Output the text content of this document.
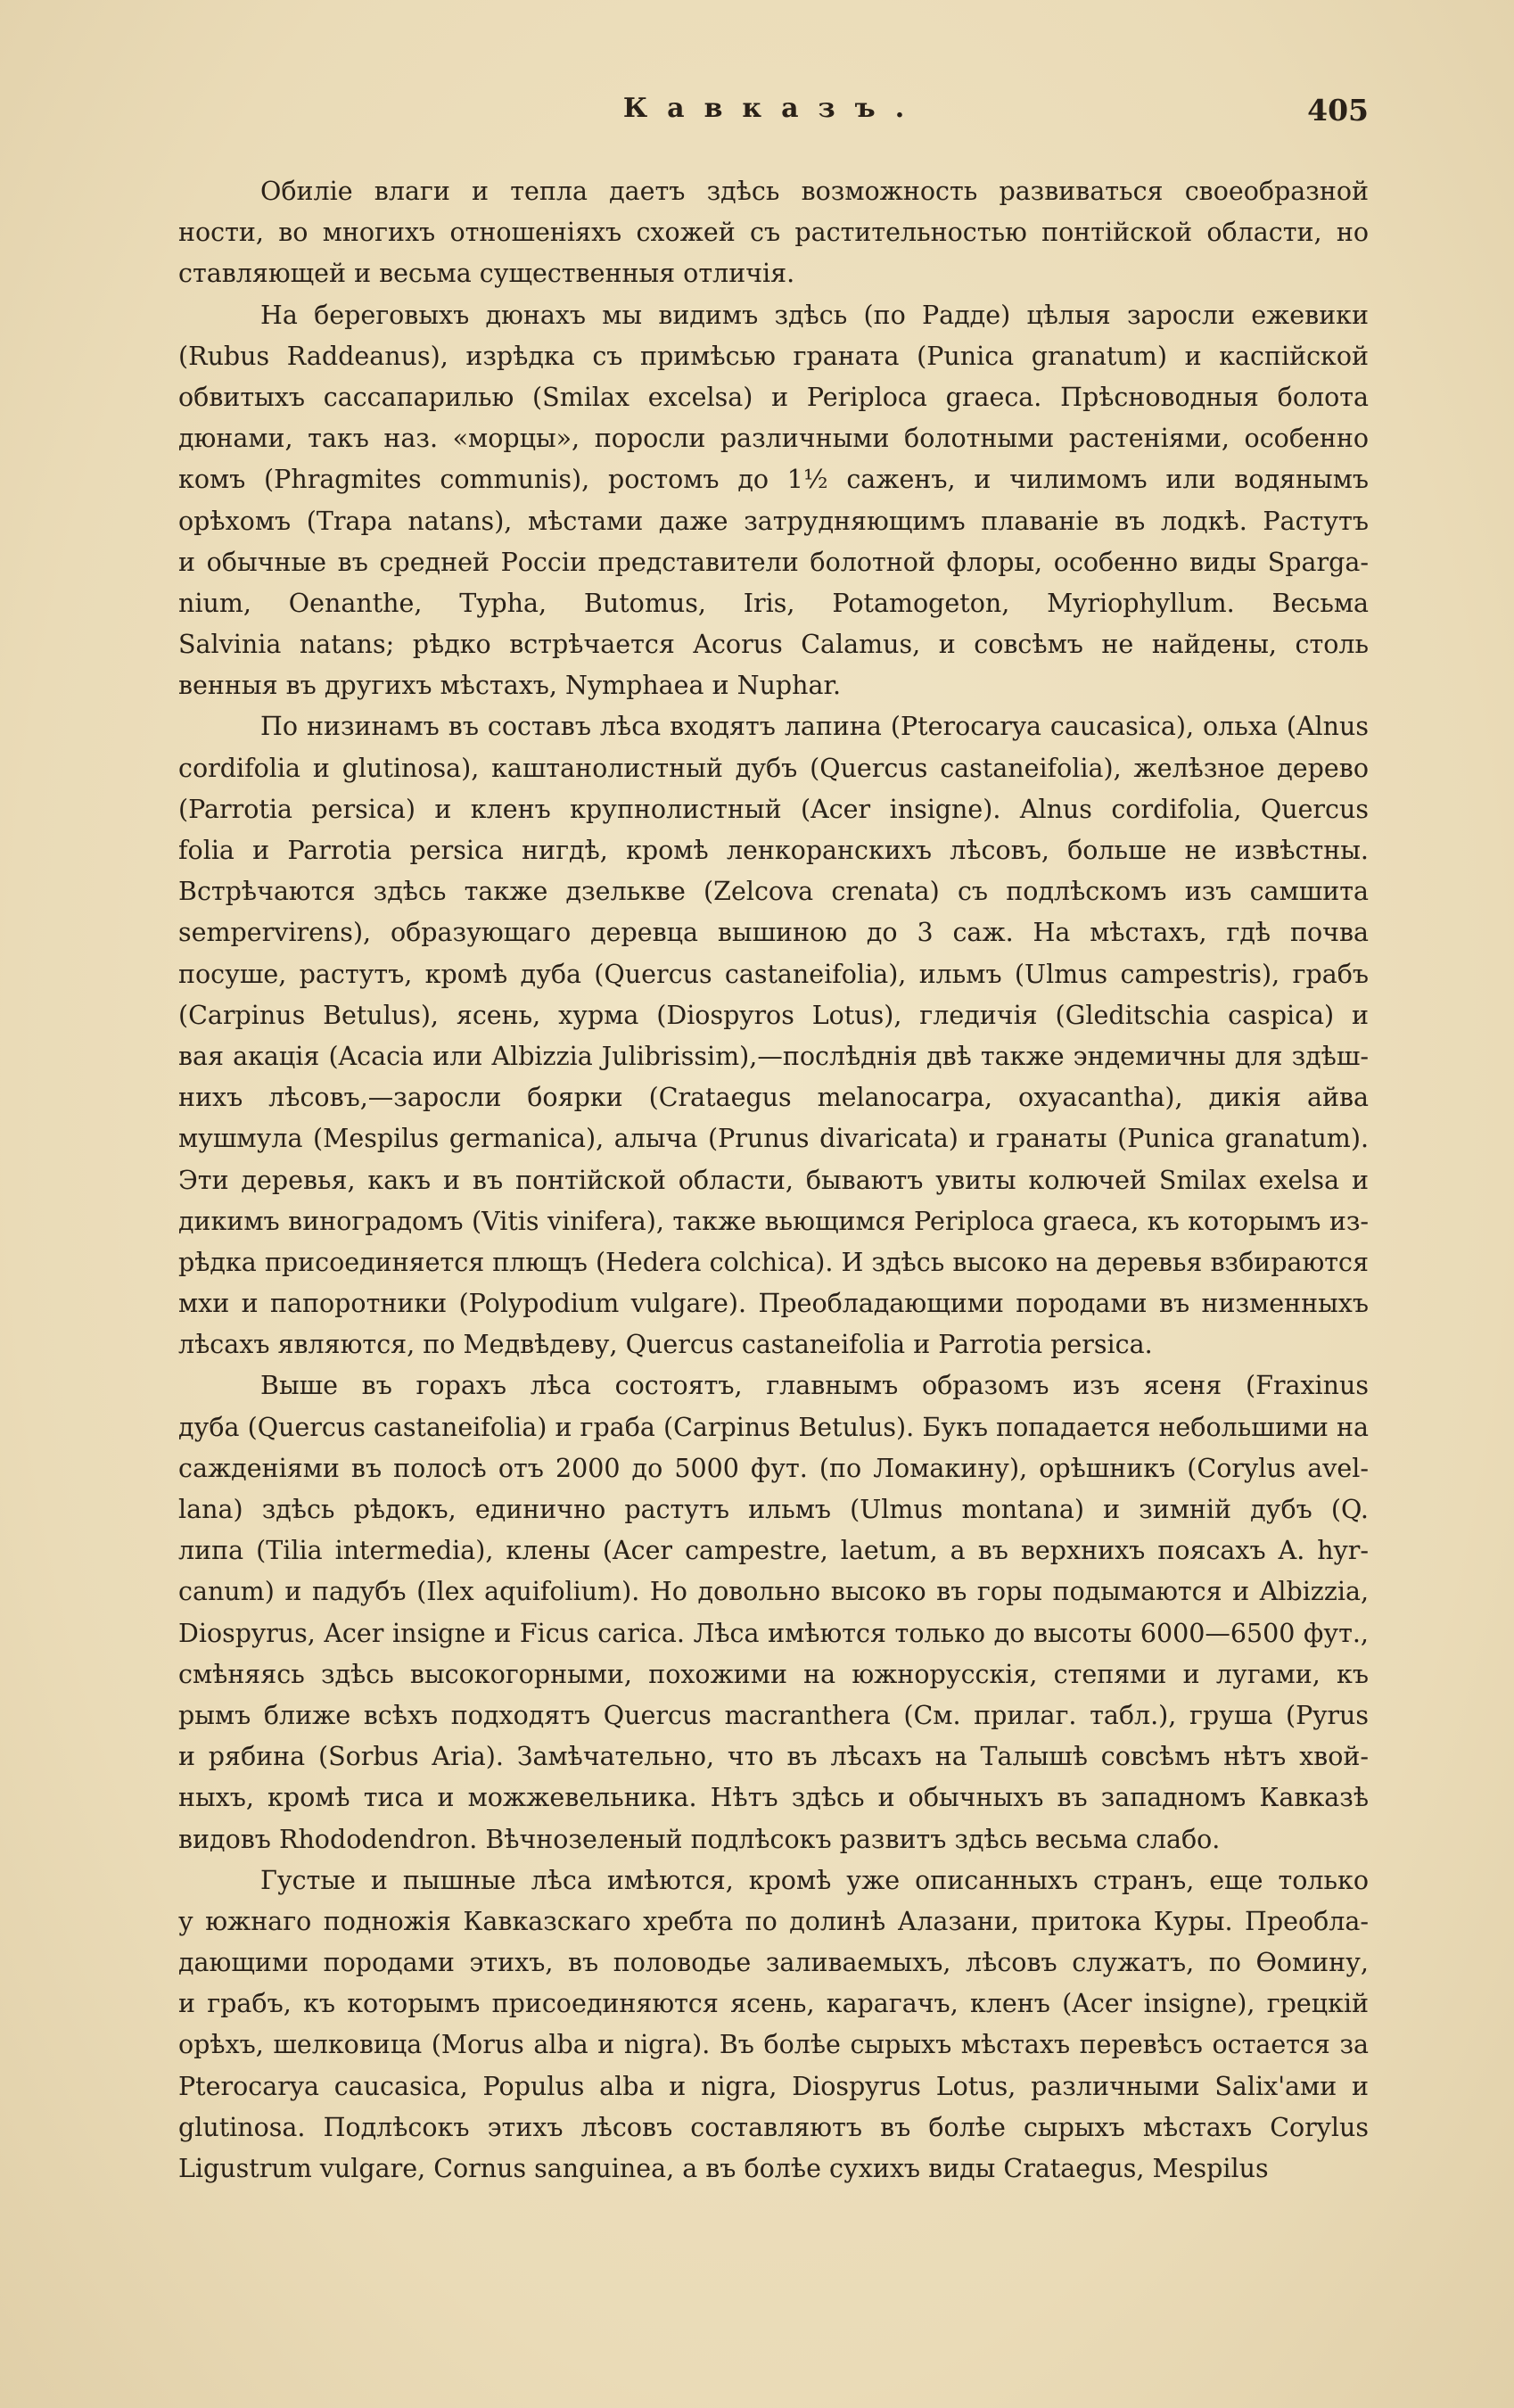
Кавказъ.	405
Обиліе влаги и тепла даетъ здѣсь возможность развиваться своеобразной
ности, во многихъ отношеніяхъ схожей съ растительностью понтійской области, но
ставляющей и весьма существенныя отличія.
На береговыхъ дюнахъ мы видимъ здѣсь (по Радде) цѣлыя заросли ежевики
(Rubus Raddeanus), изрѣдка съ примѣсью граната (Punica granatum) и каспійской
обвитыхъ сассапарилью (Smilax excelsa) и Periploca graeca. Прѣсноводныя болота
дюнами, такъ наз. «морцы», поросли различными болотными растеніями, особенно
комъ (Phragmites communis), ростомъ до 1½ саженъ, и чилимомъ или водянымъ
орѣхомъ (Trapa natans), мѣстами даже затрудняющимъ плаваніе въ лодкѣ. Растутъ
и обычные въ средней Россіи представители болотной флоры, особенно виды Sparga-
nium, Oenanthe, Typha, Butomus, Iris, Potamogeton, Myriophyllum. Весьма
Salvinia natans; рѣдко встрѣчается Acorus Calamus, и совсѣмъ не найдены, столь
венныя въ другихъ мѣстахъ, Nymphaea и Nuphar.
По низинамъ въ составъ лѣса входятъ лапина (Pterocarya caucasica), ольха (Alnus
cordifolia и glutinosa), каштанолистный дубъ (Quercus castaneifolia), желѣзное дерево
(Parrotia persica) и кленъ крупнолистный (Acer insigne). Alnus cordifolia, Quercus
folia и Parrotia persica нигдѣ, кромѣ ленкоранскихъ лѣсовъ, больше не извѣстны.
Встрѣчаются здѣсь также дзелькве (Zelcova crenata) съ подлѣскомъ изъ самшита
sempervirens), образующаго деревца вышиною до 3 саж. На мѣстахъ, гдѣ почва
посуше, растутъ, кромѣ дуба (Quercus castaneifolia), ильмъ (Ulmus campestris), грабъ
(Carpinus Betulus), ясень, хурма (Diospyros Lotus), гледичія (Gleditschia caspica) и
вая акація (Acacia или Albizzia Julibrissim),—послѣднія двѣ также эндемичны для здѣш-
нихъ лѣсовъ,—заросли боярки (Crataegus melanocarpa, oxyacantha), дикія айва
мушмула (Mespilus germanica), алыча (Prunus divaricata) и гранаты (Punica granatum).
Эти деревья, какъ и въ понтійской области, бываютъ увиты колючей Smilax exelsa и
дикимъ виноградомъ (Vitis vinifera), также вьющимся Periploca graeca, къ которымъ из-
рѣдка присоединяется плющъ (Hedera colchica). И здѣсь высоко на деревья взбираются
мхи и папоротники (Polypodium vulgare). Преобладающими породами въ низменныхъ
лѣсахъ являются, по Медвѣдеву, Quercus castaneifolia и Parrotia persica.
Выше въ горахъ лѣса состоятъ, главнымъ образомъ изъ ясеня (Fraxinus
дуба (Quercus castaneifolia) и граба (Carpinus Betulus). Букъ попадается небольшими на
сажденіями въ полосѣ отъ 2000 до 5000 фут. (по Ломакину), орѣшникъ (Corylus avel-
lana) здѣсь рѣдокъ, единично растутъ ильмъ (Ulmus montana) и зимній дубъ (Q.
липа (Tilia intermedia), клены (Acer campestre, laetum, а въ верхнихъ поясахъ A. hyr-
canum) и падубъ (Ilex aquifolium). Но довольно высоко въ горы подымаются и Albizzia,
Diospyrus, Acer insigne и Ficus carica. Лѣса имѣются только до высоты 6000—6500 фут.,
смѣняясь здѣсь высокогорными, похожими на южнорусскія, степями и лугами, къ
рымъ ближе всѣхъ подходятъ Quercus macranthera (См. прилаг. табл.), груша (Pyrus
и рябина (Sorbus Aria). Замѣчательно, что въ лѣсахъ на Талышѣ совсѣмъ нѣтъ хвой-
ныхъ, кромѣ тиса и можжевельника. Нѣтъ здѣсь и обычныхъ въ западномъ Кавказѣ
видовъ Rhododendron. Вѣчнозеленый подлѣсокъ развитъ здѣсь весьма слабо.
Густые и пышные лѣса имѣются, кромѣ уже описанныхъ странъ, еще только
у южнаго подножія Кавказскаго хребта по долинѣ Алазани, притока Куры. Преобла-
дающими породами этихъ, въ половодье заливаемыхъ, лѣсовъ служатъ, по Ѳомину,
и грабъ, къ которымъ присоединяются ясень, карагачъ, кленъ (Acer insigne), грецкій
орѣхъ, шелковица (Morus alba и nigra). Въ болѣе сырыхъ мѣстахъ перевѣсъ остается за
Pterocarya caucasica, Populus alba и nigra, Diospyrus Lotus, различными Salix'ами и
glutinosa. Подлѣсокъ этихъ лѣсовъ составляютъ въ болѣе сырыхъ мѣстахъ Corylus
Ligustrum vulgare, Cornus sanguinea, а въ болѣе сухихъ виды Crataegus, Mespilus
